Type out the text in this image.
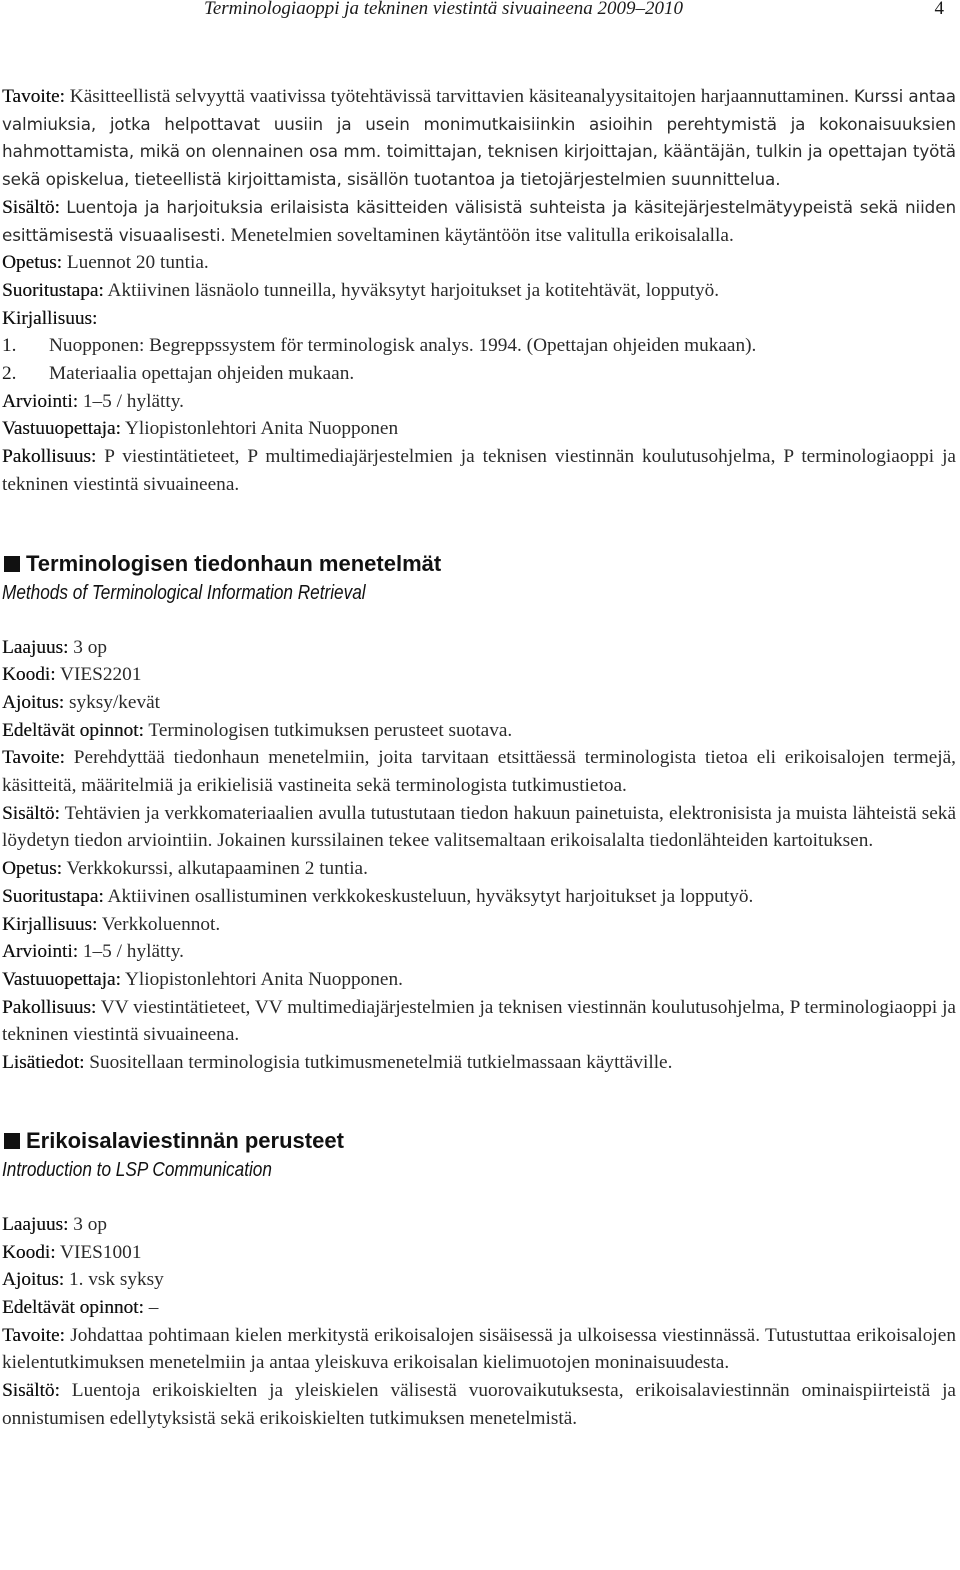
Terminologiaoppi ja tekninen viestintä sivuaineena 2009–2010	4

Tavoite: Käsitteellistä selvyyttä vaativissa työtehtävissä tarvittavien käsiteanalyysitaitojen harjaannuttaminen. Kurssi antaa valmiuksia, jotka helpottavat uusiin ja usein monimutkaisiinkin asioihin perehtymistä ja kokonaisuuksien hahmottamista, mikä on olennainen osa mm. toimittajan, teknisen kirjoittajan, kääntäjän, tulkin ja opettajan työtä sekä opiskelua, tieteellistä kirjoittamista, sisällön tuotantoa ja tietojärjestelmien suunnittelua.

Sisältö: Luentoja ja harjoituksia erilaisista käsitteiden välisistä suhteista ja käsitejärjestelmätyypeistä sekä niiden esittämisestä visuaalisesti. Menetelmien soveltaminen käytäntöön itse valitulla erikoisalalla.

Opetus: Luennot 20 tuntia.

Suoritustapa: Aktiivinen läsnäolo tunneilla, hyväksytyt harjoitukset ja kotitehtävät, lopputyö.

Kirjallisuus:

1.	Nuopponen: Begreppssystem för terminologisk analys. 1994. (Opettajan ohjeiden mukaan).
2.	Materiaalia opettajan ohjeiden mukaan.

Arviointi: 1–5 / hylätty.

Vastuuopettaja: Yliopistonlehtori Anita Nuopponen

Pakollisuus: P viestintätieteet, P multimediajärjestelmien ja teknisen viestinnän koulutusohjelma, P terminologiaoppi ja tekninen viestintä sivuaineena.

Terminologisen tiedonhaun menetelmät
Methods of Terminological Information Retrieval

Laajuus: 3 op

Koodi: VIES2201

Ajoitus: syksy/kevät

Edeltävät opinnot: Terminologisen tutkimuksen perusteet suotava.

Tavoite: Perehdyttää tiedonhaun menetelmiin, joita tarvitaan etsittäessä terminologista tietoa eli erikoisalojen termejä, käsitteitä, määritelmiä ja erikielisiä vastineita sekä terminologista tutkimustietoa.

Sisältö: Tehtävien ja verkkomateriaalien avulla tutustutaan tiedon hakuun painetuista, elektronisista ja muista lähteistä sekä löydetyn tiedon arviointiin. Jokainen kurssilainen tekee valitsemaltaan erikoisalalta tiedonlähteiden kartoituksen.

Opetus: Verkkokurssi, alkutapaaminen 2 tuntia.

Suoritustapa: Aktiivinen osallistuminen verkkokeskusteluun, hyväksytyt harjoitukset ja lopputyö.

Kirjallisuus: Verkkoluennot.

Arviointi: 1–5 / hylätty.

Vastuuopettaja: Yliopistonlehtori Anita Nuopponen.

Pakollisuus: VV viestintätieteet, VV multimediajärjestelmien ja teknisen viestinnän koulutusohjelma, P terminologiaoppi ja tekninen viestintä sivuaineena.

Lisätiedot: Suositellaan terminologisia tutkimusmenetelmiä tutkielmassaan käyttäville.

Erikoisalaviestinnän perusteet
Introduction to LSP Communication

Laajuus: 3 op

Koodi: VIES1001

Ajoitus: 1. vsk syksy

Edeltävät opinnot: –

Tavoite: Johdattaa pohtimaan kielen merkitystä erikoisalojen sisäisessä ja ulkoisessa viestinnässä. Tutustuttaa erikoisalojen kielentutkimuksen menetelmiin ja antaa yleiskuva erikoisalan kielimuotojen moninaisuudesta.

Sisältö: Luentoja erikoiskielten ja yleiskielen välisestä vuorovaikutuksesta, erikoisalaviestinnän ominaispiirteistä ja onnistumisen edellytyksistä sekä erikoiskielten tutkimuksen menetelmistä.
